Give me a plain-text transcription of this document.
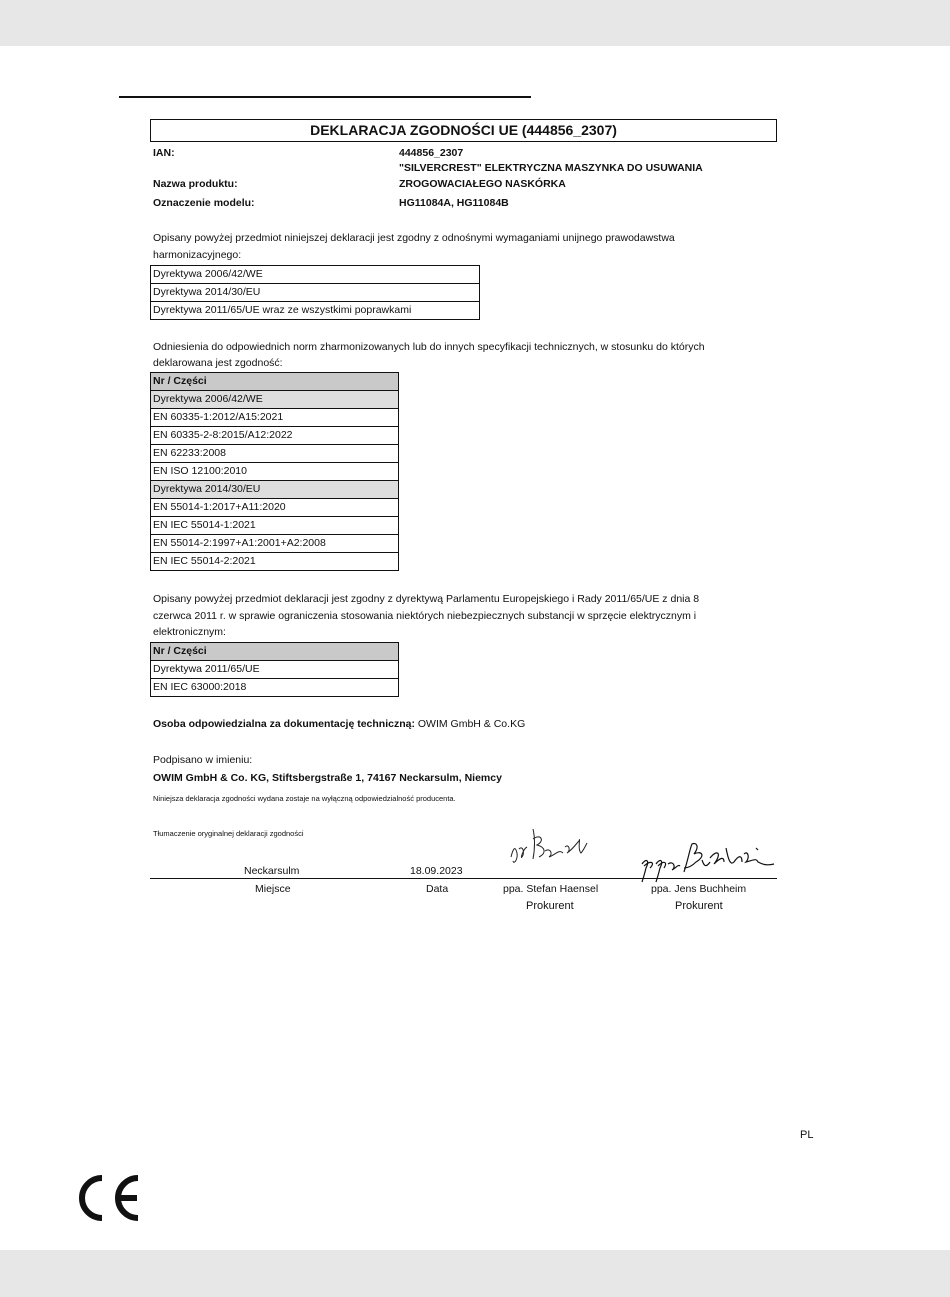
DEKLARACJA ZGODNOŚCI UE (444856_2307)
IAN:	444856_2307
"SILVERCREST" ELEKTRYCZNA MASZYNKA DO USUWANIA
Nazwa produktu:	ZROGOWACIAŁEGO NASKÓRKA
Oznaczenie modelu:	HG11084A, HG11084B
Opisany powyżej przedmiot niniejszej deklaracji jest zgodny z odnośnymi wymaganiami unijnego prawodawstwa
harmonizacyjnego:
Dyrektywa 2006/42/WE
Dyrektywa 2014/30/EU
Dyrektywa 2011/65/UE wraz ze wszystkimi poprawkami
Odniesienia do odpowiednich norm zharmonizowanych lub do innych specyfikacji technicznych, w stosunku do których
deklarowana jest zgodność:
Nr / Części
Dyrektywa 2006/42/WE
EN 60335-1:2012/A15:2021
EN 60335-2-8:2015/A12:2022
EN 62233:2008
EN ISO 12100:2010
Dyrektywa 2014/30/EU
EN 55014-1:2017+A11:2020
EN IEC 55014-1:2021
EN 55014-2:1997+A1:2001+A2:2008
EN IEC 55014-2:2021
Opisany powyżej przedmiot deklaracji jest zgodny z dyrektywą Parlamentu Europejskiego i Rady 2011/65/UE z dnia 8
czerwca 2011 r. w sprawie ograniczenia stosowania niektórych niebezpiecznych substancji w sprzęcie elektrycznym i
elektronicznym:
Nr / Części
Dyrektywa 2011/65/UE
EN IEC 63000:2018
Osoba odpowiedzialna za dokumentację techniczną: OWIM GmbH & Co.KG
Podpisano w imieniu:
OWIM GmbH & Co. KG, Stiftsbergstraße 1, 74167 Neckarsulm, Niemcy
Niniejsza deklaracja zgodności wydana zostaje na wyłączną odpowiedzialność producenta.
Tłumaczenie oryginalnej deklaracji zgodności
Neckarsulm	18.09.2023
Miejsce	Data	ppa. Stefan Haensel	ppa. Jens Buchheim
Prokurent	Prokurent
PL
